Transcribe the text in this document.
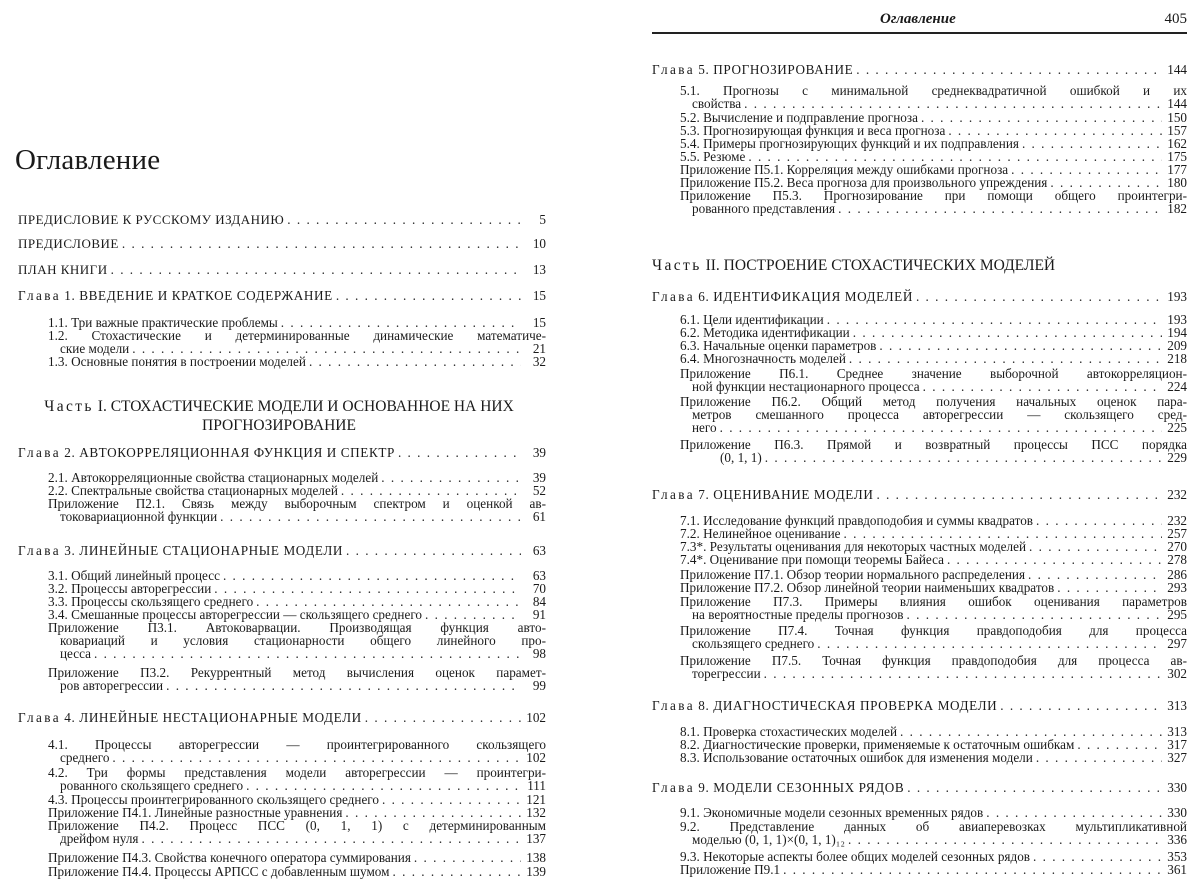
Оглавление
ПРЕДИСЛОВИЕ К РУССКОМУ ИЗДАНИЮ . . .	5
ПРЕДИСЛОВИЕ . . .	10
ПЛАН КНИГИ . . .	13
Глава 1. ВВЕДЕНИЕ И КРАТКОЕ СОДЕРЖАНИЕ . . .	15
1.1. Три важные практические проблемы . . .	15
1.2. Стохастические и детерминированные динамические математиче-
ские модели . . .	21
1.3. Основные понятия в построении моделей . . .	32
Часть I. СТОХАСТИЧЕСКИЕ МОДЕЛИ И ОСНОВАННОЕ НА НИХ
ПРОГНОЗИРОВАНИЕ
Глава 2. АВТОКОРРЕЛЯЦИОННАЯ ФУНКЦИЯ И СПЕКТР . . .	39
2.1. Автокорреляционные свойства стационарных моделей . . .	39
2.2. Спектральные свойства стационарных моделей . . .	52
Приложение П2.1. Связь между выборочным спектром и оценкой ав-
токовариационной функции . . .	61
Глава 3. ЛИНЕЙНЫЕ СТАЦИОНАРНЫЕ МОДЕЛИ . . .	63
3.1. Общий линейный процесс . . .	63
3.2. Процессы авторегрессии . . .	70
3.3. Процессы скользящего среднего . . .	84
3.4. Смешанные процессы авторегрессии — скользящего среднего . . .	91
Приложение П3.1. Автоковарвации. Производящая функция авто-
ковариаций и условия стационарности общего линейного про-
цесса . . .	98
Приложение П3.2. Рекуррентный метод вычисления оценок парамет-
ров авторегрессии . . .	99
Глава 4. ЛИНЕЙНЫЕ НЕСТАЦИОНАРНЫЕ МОДЕЛИ . . .	102
4.1. Процессы авторегрессии — проинтегрированного скользящего
среднего . . .	102
4.2. Три формы представления модели авторегрессии — проинтегри-
рованного скользящего среднего . . .	111
4.3. Процессы проинтегрированного скользящего среднего . . .	121
Приложение П4.1. Линейные разностные уравнения . . .	132
Приложение П4.2. Процесс ПСС (0, 1, 1) с детерминированным
дрейфом нуля . . .	137
Приложение П4.3. Свойства конечного оператора суммирования . . .	138
Приложение П4.4. Процессы АРПСС с добавленным шумом . . .	139
Оглавление	405
Глава 5. ПРОГНОЗИРОВАНИЕ . . .	144
5.1. Прогнозы с минимальной среднеквадратичной ошибкой и их
свойства . . .	144
5.2. Вычисление и подправление прогноза . . .	150
5.3. Прогнозирующая функция и веса прогноза . . .	157
5.4. Примеры прогнозирующих функций и их подправления . . .	162
5.5. Резюме . . .	175
Приложение П5.1. Корреляция между ошибками прогноза . . .	177
Приложение П5.2. Веса прогноза для произвольного упреждения . . .	180
Приложение П5.3. Прогнозирование при помощи общего проинтегри-
рованного представления . . .	182
Часть II. ПОСТРОЕНИЕ СТОХАСТИЧЕСКИХ МОДЕЛЕЙ
Глава 6. ИДЕНТИФИКАЦИЯ МОДЕЛЕЙ . . .	193
6.1. Цели идентификации . . .	193
6.2. Методика идентификации . . .	194
6.3. Начальные оценки параметров . . .	209
6.4. Многозначность моделей . . .	218
Приложение П6.1. Среднее значение выборочной автокорреляцион-
ной функции нестационарного процесса . . .	224
Приложение П6.2. Общий метод получения начальных оценок пара-
метров смешанного процесса авторегрессии — скользящего сред-
него . . .	225
Приложение П6.3. Прямой и возвратный процессы ПСС порядка
(0, 1, 1) . . .	229
Глава 7. ОЦЕНИВАНИЕ МОДЕЛИ . . .	232
7.1. Исследование функций правдоподобия и суммы квадратов . . .	232
7.2. Нелинейное оценивание . . .	257
7.3*. Результаты оценивания для некоторых частных моделей . . .	270
7.4*. Оценивание при помощи теоремы Байеса . . .	278
Приложение П7.1. Обзор теории нормального распределения . . .	286
Приложение П7.2. Обзор линейной теории наименьших квадратов . . .	293
Приложение П7.3. Примеры влияния ошибок оценивания параметров
на вероятностные пределы прогнозов . . .	295
Приложение П7.4. Точная функция правдоподобия для процесса
скользящего среднего . . .	297
Приложение П7.5. Точная функция правдоподобия для процесса ав-
торегрессии . . .	302
Глава 8. ДИАГНОСТИЧЕСКАЯ ПРОВЕРКА МОДЕЛИ . . .	313
8.1. Проверка стохастических моделей . . .	313
8.2. Диагностические проверки, применяемые к остаточным ошибкам . . .	317
8.3. Использование остаточных ошибок для изменения модели . . .	327
Глава 9. МОДЕЛИ СЕЗОННЫХ РЯДОВ . . .	330
9.1. Экономичные модели сезонных временных рядов . . .	330
9.2. Представление данных об авиаперевозках мультипликативной
моделью (0, 1, 1)×(0, 1, 1)₁₂ . . .	336
9.3. Некоторые аспекты более общих моделей сезонных рядов . . .	353
Приложение П9.1 . . .	361
